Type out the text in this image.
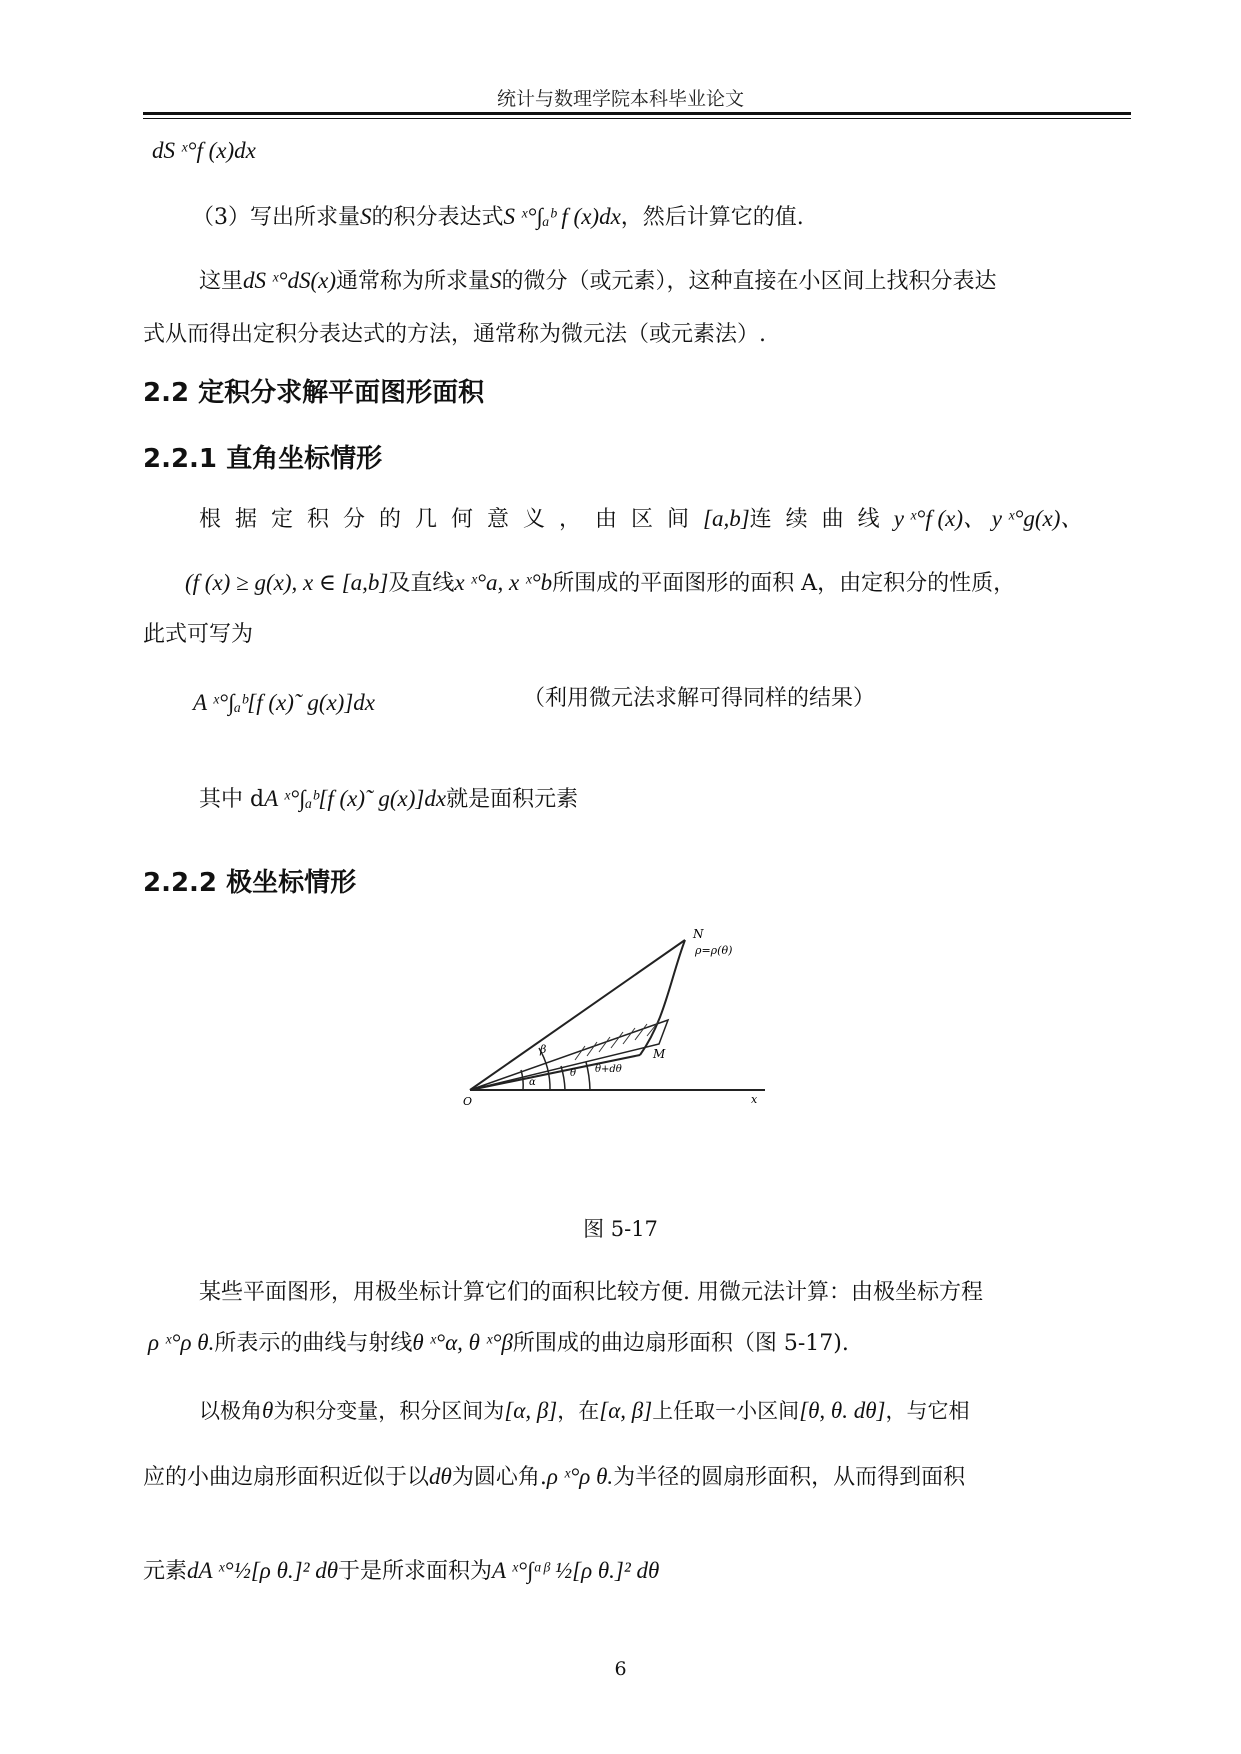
统计与数理学院本科毕业论文
dS ˣ°f (x)dx
（3）写出所求量S的积分表达式S ˣ°∫ₐᵇ f (x)dx，然后计算它的值.
这里dS ˣ°dS(x)通常称为所求量S的微分（或元素），这种直接在小区间上找积分表达
式从而得出定积分表达式的方法，通常称为微元法（或元素法）.
2.2 定积分求解平面图形面积
2.2.1 直角坐标情形
根据定积分的几何意义，由区间[a,b]连续曲线y ˣ°f (x)、 y ˣ°g(x)、
(f (x) ≥ g(x), x ∈ [a,b]及直线x ˣ°a, x ˣ°b所围成的平面图形的面积 A，由定积分的性质，
此式可写为
A ˣ°∫ₐᵇ[f (x)˜ g(x)]dx	（利用微元法求解可得同样的结果）
其中 dA ˣ°∫ₐᵇ[f (x)˜ g(x)]dx就是面积元素
2.2.2 极坐标情形
N
ρ=ρ(θ)
M
β
θ
α
θ+dθ
O	x
图 5-17
某些平面图形，用极坐标计算它们的面积比较方便. 用微元法计算：由极坐标方程
ρ ˣ°ρ θ.所表示的曲线与射线θ ˣ°α, θ ˣ°β所围成的曲边扇形面积（图 5-17).
以极角θ为积分变量，积分区间为[α, β]，在[α, β]上任取一小区间[θ, θ. dθ]，与它相
应的小曲边扇形面积近似于以dθ为圆心角.ρ ˣ°ρ θ.为半径的圆扇形面积，从而得到面积
元素dA ˣ°½[ρ θ.]² dθ于是所求面积为A ˣ°∫ᵅᵝ ½[ρ θ.]² dθ
6
